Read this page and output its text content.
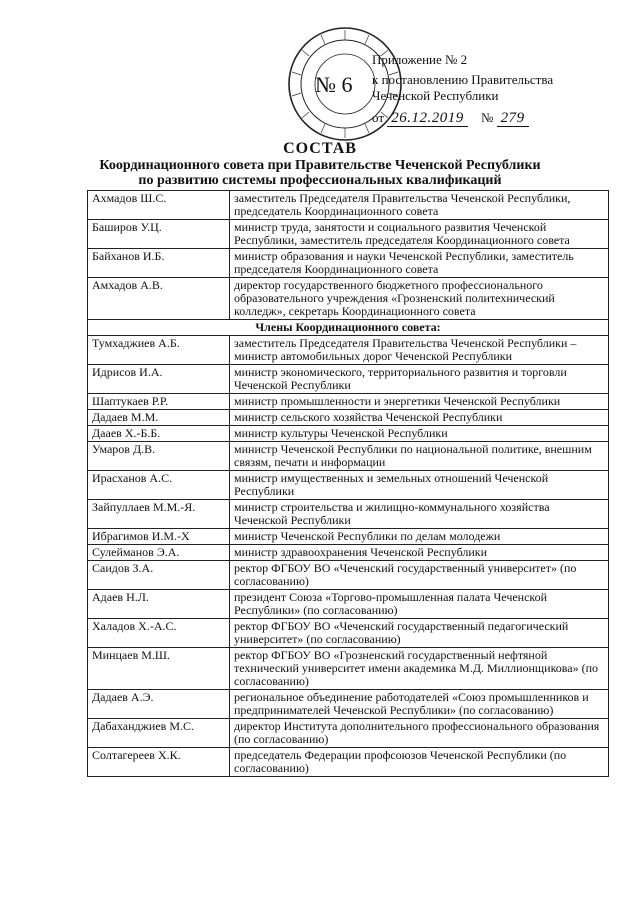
№ 6
Приложение № 2
к постановлению Правительства
Чеченской Республики
от 26.12.2019 № 279
СОСТАВ
Координационного совета при Правительстве Чеченской Республики
по развитию системы профессиональных квалификаций
Ахмадов Ш.С.	заместитель Председателя Правительства Чеченской Республики, председатель Координационного совета
Баширов У.Ц.	министр труда, занятости и социального развития Чеченской Республики, заместитель председателя Координационного совета
Байханов И.Б.	министр образования и науки Чеченской Республики, заместитель председателя Координационного совета
Амхадов А.В.	директор государственного бюджетного профессионального образовательного учреждения «Грозненский политехнический колледж», секретарь Координационного совета
Члены Координационного совета:	
Тумхаджиев А.Б.	заместитель Председателя Правительства Чеченской Республики – министр автомобильных дорог Чеченской Республики
Идрисов И.А.	министр экономического, территориального развития и торговли Чеченской Республики
Шаптукаев Р.Р.	министр промышленности и энергетики Чеченской Республики
Дадаев М.М.	министр сельского хозяйства Чеченской Республики
Дааев Х.-Б.Б.	министр культуры Чеченской Республики
Умаров Д.В.	министр Чеченской Республики по национальной политике, внешним связям, печати и информации
Ирасханов А.С.	министр имущественных и земельных отношений Чеченской Республики
Зайпуллаев М.М.-Я.	министр строительства и жилищно-коммунального хозяйства Чеченской Республики
Ибрагимов И.М.-Х	министр Чеченской Республики по делам молодежи
Сулейманов Э.А.	министр здравоохранения Чеченской Республики
Саидов З.А.	ректор ФГБОУ ВО «Чеченский государственный университет» (по согласованию)
Адаев Н.Л.	президент Союза «Торгово-промышленная палата Чеченской Республики» (по согласованию)
Халадов Х.-А.С.	ректор ФГБОУ ВО «Чеченский государственный педагогический университет» (по согласованию)
Минцаев М.Ш.	ректор ФГБОУ ВО «Грозненский государственный нефтяной технический университет имени академика М.Д. Миллионщикова» (по согласованию)
Дадаев А.Э.	региональное объединение работодателей «Союз промышленников и предпринимателей Чеченской Республики» (по согласованию)
Дабаханджиев М.С.	директор Института дополнительного профессионального образования (по согласованию)
Солтагереев Х.К.	председатель Федерации профсоюзов Чеченской Республики (по согласованию)
